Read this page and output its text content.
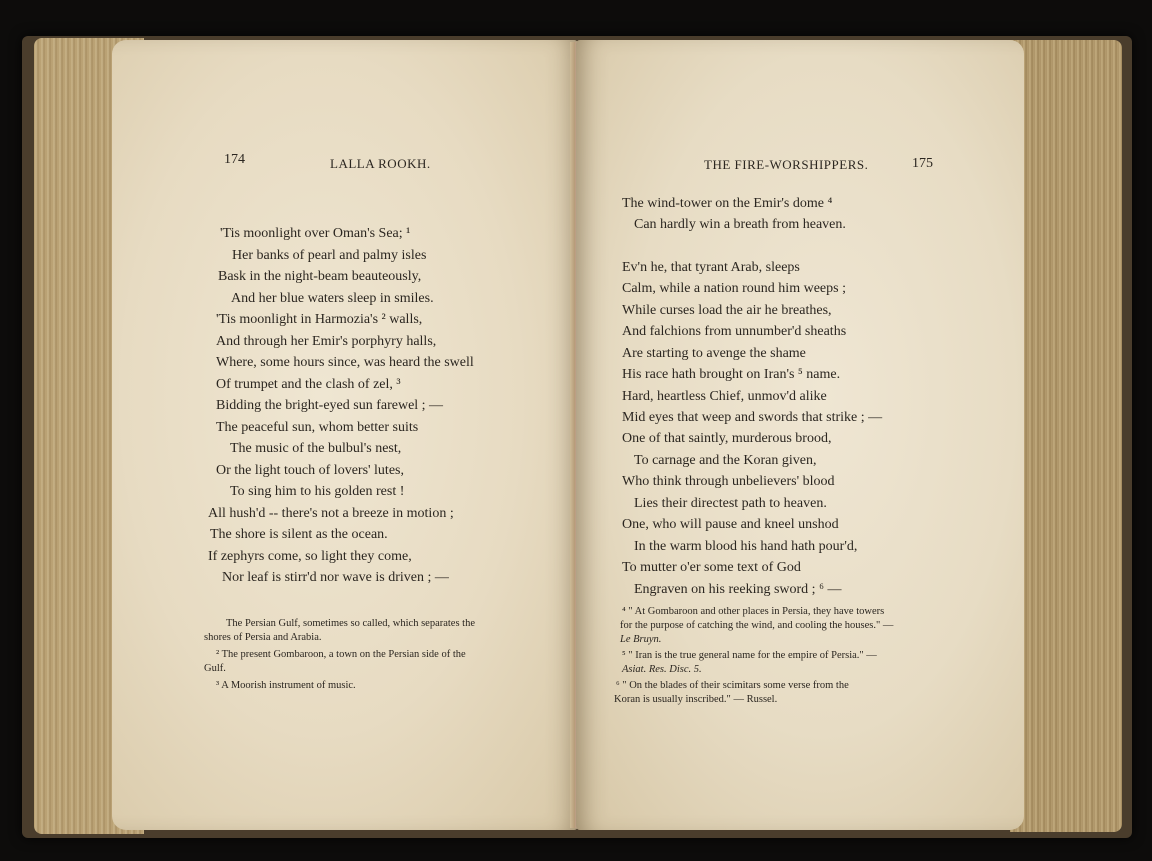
174	LALLA ROOKH.
'Tis moonlight over Oman's Sea; ¹
Her banks of pearl and palmy isles
Bask in the night-beam beauteously,
And her blue waters sleep in smiles.
'Tis moonlight in Harmozia's ² walls,
And through her Emir's porphyry halls,
Where, some hours since, was heard the swell
Of trumpet and the clash of zel, ³
Bidding the bright-eyed sun farewel ; —
The peaceful sun, whom better suits
The music of the bulbul's nest,
Or the light touch of lovers' lutes,
To sing him to his golden rest !
All hush'd -- there's not a breeze in motion ;
The shore is silent as the ocean.
If zephyrs come, so light they come,
Nor leaf is stirr'd nor wave is driven ; —
The Persian Gulf, sometimes so called, which separates the
shores of Persia and Arabia.
² The present Gombaroon, a town on the Persian side of the
Gulf.
³ A Moorish instrument of music.
THE FIRE-WORSHIPPERS.	175
The wind-tower on the Emir's dome ⁴
Can hardly win a breath from heaven.
Ev'n he, that tyrant Arab, sleeps
Calm, while a nation round him weeps ;
While curses load the air he breathes,
And falchions from unnumber'd sheaths
Are starting to avenge the shame
His race hath brought on Iran's ⁵ name.
Hard, heartless Chief, unmov'd alike
Mid eyes that weep and swords that strike ; —
One of that saintly, murderous brood,
To carnage and the Koran given,
Who think through unbelievers' blood
Lies their directest path to heaven.
One, who will pause and kneel unshod
In the warm blood his hand hath pour'd,
To mutter o'er some text of God
Engraven on his reeking sword ; ⁶ —
⁴ " At Gombaroon and other places in Persia, they have towers
for the purpose of catching the wind, and cooling the houses." —
Le Bruyn.
⁵ " Iran is the true general name for the empire of Persia." —
Asiat. Res. Disc. 5.
⁶ " On the blades of their scimitars some verse from the
Koran is usually inscribed." — Russel.
